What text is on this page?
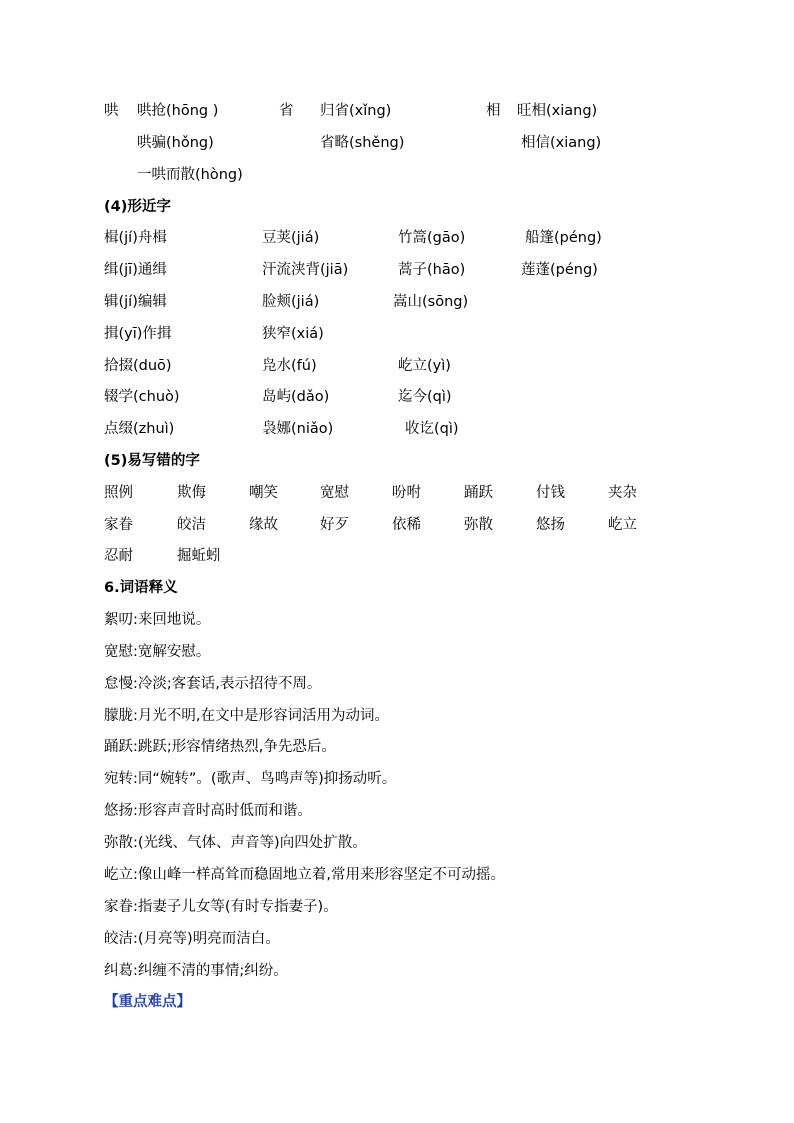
哄 哄抢(hōng )	省 归省(xǐng)	相 旺相(xiang)
哄骗(hǒng)	省略(shěng)	相信(xiang)
一哄而散(hòng)
(4)形近字
楫(jí)舟楫	豆荚(jiá)	竹篙(gāo)	船篷(péng)
缉(jī)通缉	汗流浃背(jiā)	蒿子(hāo)	莲蓬(péng)
辑(jí)编辑	脸颊(jiá)	嵩山(sōng)
揖(yī)作揖	狭窄(xiá)
拾掇(duō)	凫水(fú)	屹立(yì)
辍学(chuò)	岛屿(dǎo)	迄今(qì)
点缀(zhuì)	袅娜(niǎo)	收讫(qì)
(5)易写错的字
照例	欺侮	嘲笑	宽慰	吩咐	踊跃	付钱	夹杂
家眷	皎洁	缘故	好歹	依稀	弥散	悠扬	屹立
忍耐	掘蚯蚓
6.词语释义
絮叨:来回地说。
宽慰:宽解安慰。
怠慢:冷淡;客套话,表示招待不周。
朦胧:月光不明,在文中是形容词活用为动词。
踊跃:跳跃;形容情绪热烈,争先恐后。
宛转:同“婉转”。(歌声、鸟鸣声等)抑扬动听。
悠扬:形容声音时高时低而和谐。
弥散:(光线、气体、声音等)向四处扩散。
屹立:像山峰一样高耸而稳固地立着,常用来形容坚定不可动摇。
家眷:指妻子儿女等(有时专指妻子)。
皎洁:(月亮等)明亮而洁白。
纠葛:纠缠不清的事情;纠纷。
【重点难点】
